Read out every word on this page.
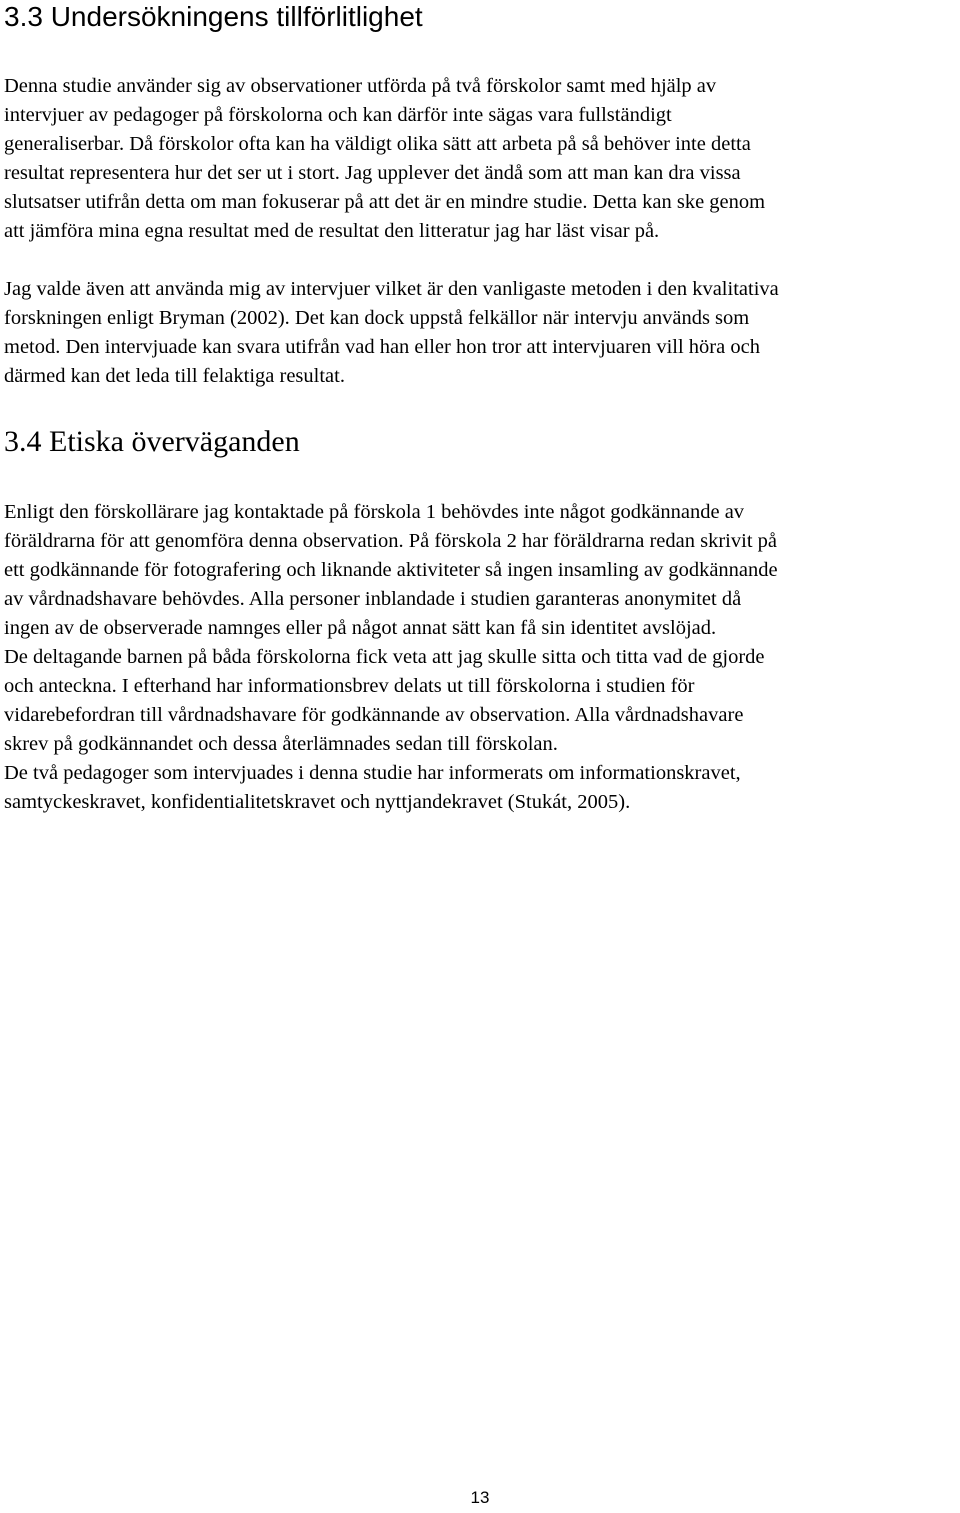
3.3 Undersökningens tillförlitlighet

Denna studie använder sig av observationer utförda på två förskolor samt med hjälp av
intervjuer av pedagoger på förskolorna och kan därför inte sägas vara fullständigt
generaliserbar. Då förskolor ofta kan ha väldigt olika sätt att arbeta på så behöver inte detta
resultat representera hur det ser ut i stort. Jag upplever det ändå som att man kan dra vissa
slutsatser utifrån detta om man fokuserar på att det är en mindre studie. Detta kan ske genom
att jämföra mina egna resultat med de resultat den litteratur jag har läst visar på.

Jag valde även att använda mig av intervjuer vilket är den vanligaste metoden i den kvalitativa
forskningen enligt Bryman (2002). Det kan dock uppstå felkällor när intervju används som
metod. Den intervjuade kan svara utifrån vad han eller hon tror att intervjuaren vill höra och
därmed kan det leda till felaktiga resultat.

3.4 Etiska överväganden

Enligt den förskollärare jag kontaktade på förskola 1 behövdes inte något godkännande av
föräldrarna för att genomföra denna observation. På förskola 2 har föräldrarna redan skrivit på
ett godkännande för fotografering och liknande aktiviteter så ingen insamling av godkännande
av vårdnadshavare behövdes. Alla personer inblandade i studien garanteras anonymitet då
ingen av de observerade namnges eller på något annat sätt kan få sin identitet avslöjad.
De deltagande barnen på båda förskolorna fick veta att jag skulle sitta och titta vad de gjorde
och anteckna. I efterhand har informationsbrev delats ut till förskolorna i studien för
vidarebefordran till vårdnadshavare för godkännande av observation. Alla vårdnadshavare
skrev på godkännandet och dessa återlämnades sedan till förskolan.
De två pedagoger som intervjuades i denna studie har informerats om informationskravet,
samtyckeskravet, konfidentialitetskravet och nyttjandekravet (Stukát, 2005).

13
